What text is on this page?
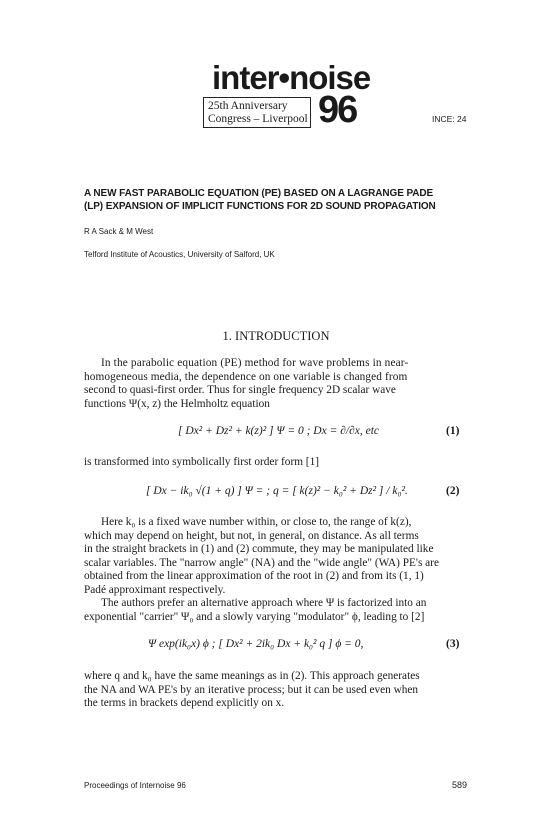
inter•noise
25th Anniversary
Congress – Liverpool 96	INCE: 24
A NEW FAST PARABOLIC EQUATION (PE) BASED ON A LAGRANGE PADE
(LP) EXPANSION OF IMPLICIT FUNCTIONS FOR 2D SOUND PROPAGATION
R A Sack & M West
Telford Institute of Acoustics, University of Salford, UK
1. INTRODUCTION
In the parabolic equation (PE) method for wave problems in near-
homogeneous media, the dependence on one variable is changed from
second to quasi-first order. Thus for single frequency 2D scalar wave
functions Ψ(x, z) the Helmholtz equation
[ Dx² + Dz² + k(z)² ] Ψ = 0 ; Dx = ∂/∂x, etc	(1)
is transformed into symbolically first order form [1]
[ Dx − ik₀ √(1 + q) ] Ψ = ; q = [ k(z)² − k₀² + Dz² ] / k₀².	(2)
Here k₀ is a fixed wave number within, or close to, the range of k(z),
which may depend on height, but not, in general, on distance. As all terms
in the straight brackets in (1) and (2) commute, they may be manipulated like
scalar variables. The "narrow angle" (NA) and the "wide angle" (WA) PE's are
obtained from the linear approximation of the root in (2) and from its (1, 1)
Padé approximant respectively.
The authors prefer an alternative approach where Ψ is factorized into an
exponential "carrier" Ψ₀ and a slowly varying "modulator" ϕ, leading to [2]
Ψ exp(ik₀x) ϕ ; [ Dx² + 2ik₀ Dx + k₀² q ] ϕ = 0,	(3)
where q and k₀ have the same meanings as in (2). This approach generates
the NA and WA PE's by an iterative process; but it can be used even when
the terms in brackets depend explicitly on x.
Proceedings of Internoise 96	589
